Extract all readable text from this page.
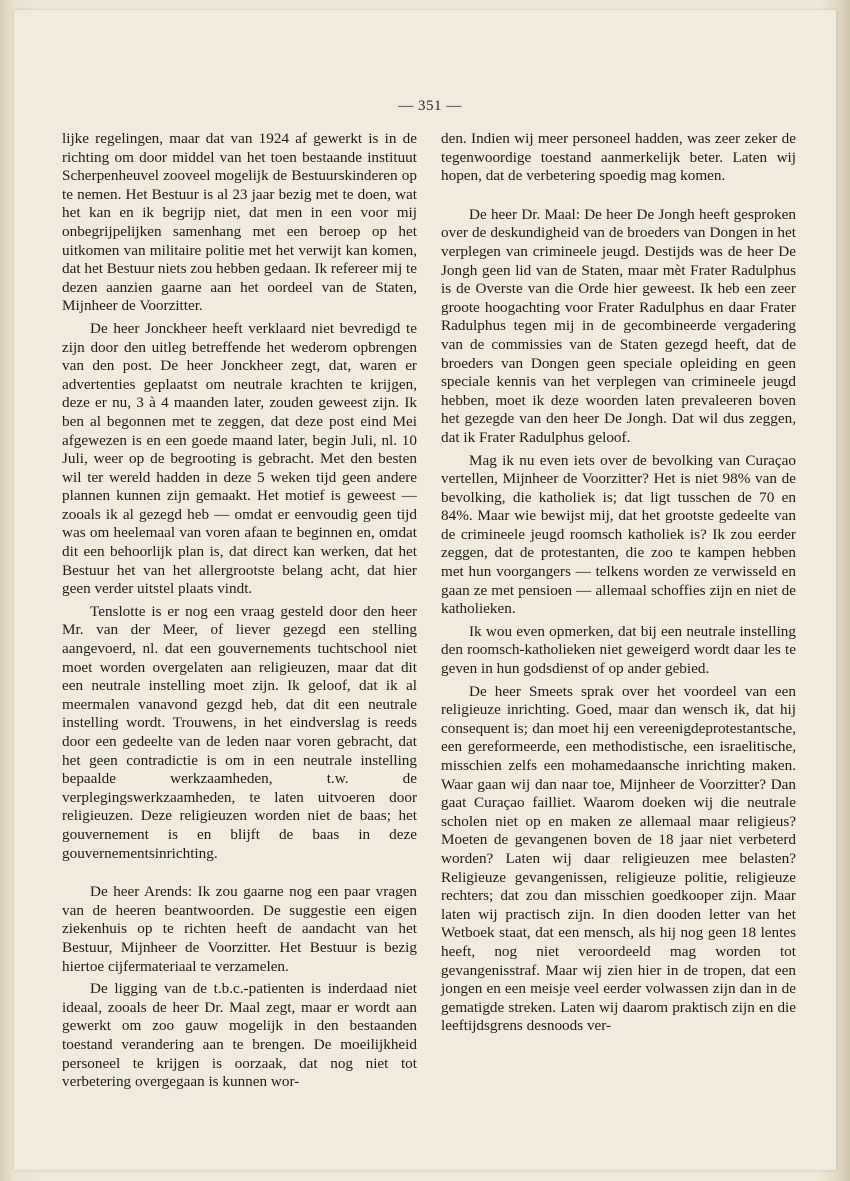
— 351 —

lijke regelingen, maar dat van 1924 af gewerkt is in de richting om door middel van het toen bestaande instituut Scherpenheuvel zooveel mogelijk de Bestuurskinderen op te nemen. Het Bestuur is al 23 jaar bezig met te doen, wat het kan en ik begrijp niet, dat men in een voor mij onbegrijpelijken samenhang met een beroep op het uitkomen van militaire politie met het verwijt kan komen, dat het Bestuur niets zou hebben gedaan. Ik refereer mij te dezen aanzien gaarne aan het oordeel van de Staten, Mijnheer de Voorzitter.

De heer Jonckheer heeft verklaard niet bevredigd te zijn door den uitleg betreffende het wederom opbrengen van den post. De heer Jonckheer zegt, dat, waren er advertenties geplaatst om neutrale krachten te krijgen, deze er nu, 3 à 4 maanden later, zouden geweest zijn. Ik ben al begonnen met te zeggen, dat deze post eind Mei afgewezen is en een goede maand later, begin Juli, nl. 10 Juli, weer op de begrooting is gebracht. Met den besten wil ter wereld hadden in deze 5 weken tijd geen andere plannen kunnen zijn gemaakt. Het motief is geweest — zooals ik al gezegd heb — omdat er eenvoudig geen tijd was om heelemaal van voren afaan te beginnen en, omdat dit een behoorlijk plan is, dat direct kan werken, dat het Bestuur het van het allergrootste belang acht, dat hier geen verder uitstel plaats vindt.

Tenslotte is er nog een vraag gesteld door den heer Mr. van der Meer, of liever gezegd een stelling aangevoerd, nl. dat een gouvernements tuchtschool niet moet worden overgelaten aan religieuzen, maar dat dit een neutrale instelling moet zijn. Ik geloof, dat ik al meermalen vanavond gezgd heb, dat dit een neutrale instelling wordt. Trouwens, in het eindverslag is reeds door een gedeelte van de leden naar voren gebracht, dat het geen contradictie is om in een neutrale instelling bepaalde werkzaamheden, t.w. de verplegingswerkzaamheden, te laten uitvoeren door religieuzen. Deze religieuzen worden niet de baas; het gouvernement is en blijft de baas in deze gouvernementsinrichting.

De heer Arends: Ik zou gaarne nog een paar vragen van de heeren beantwoorden. De suggestie een eigen ziekenhuis op te richten heeft de aandacht van het Bestuur, Mijnheer de Voorzitter. Het Bestuur is bezig hiertoe cijfermateriaal te verzamelen.

De ligging van de t.b.c.-patienten is inderdaad niet ideaal, zooals de heer Dr. Maal zegt, maar er wordt aan gewerkt om zoo gauw mogelijk in den bestaanden toestand verandering aan te brengen. De moeilijkheid personeel te krijgen is oorzaak, dat nog niet tot verbetering overgegaan is kunnen wor-

den. Indien wij meer personeel hadden, was zeer zeker de tegenwoordige toestand aanmerkelijk beter. Laten wij hopen, dat de verbetering spoedig mag komen.

De heer Dr. Maal: De heer De Jongh heeft gesproken over de deskundigheid van de broeders van Dongen in het verplegen van crimineele jeugd. Destijds was de heer De Jongh geen lid van de Staten, maar mèt Frater Radulphus is de Overste van die Orde hier geweest. Ik heb een zeer groote hoogachting voor Frater Radulphus en daar Frater Radulphus tegen mij in de gecombineerde vergadering van de commissies van de Staten gezegd heeft, dat de broeders van Dongen geen speciale opleiding en geen speciale kennis van het verplegen van crimineele jeugd hebben, moet ik deze woorden laten prevaleeren boven het gezegde van den heer De Jongh. Dat wil dus zeggen, dat ik Frater Radulphus geloof.

Mag ik nu even iets over de bevolking van Curaçao vertellen, Mijnheer de Voorzitter? Het is niet 98% van de bevolking, die katholiek is; dat ligt tusschen de 70 en 84%. Maar wie bewijst mij, dat het grootste gedeelte van de crimineele jeugd roomsch katholiek is? Ik zou eerder zeggen, dat de protestanten, die zoo te kampen hebben met hun voorgangers — telkens worden ze verwisseld en gaan ze met pensioen — allemaal schoffies zijn en niet de katholieken.

Ik wou even opmerken, dat bij een neutrale instelling den roomsch-katholieken niet geweigerd wordt daar les te geven in hun godsdienst of op ander gebied.

De heer Smeets sprak over het voordeel van een religieuze inrichting. Goed, maar dan wensch ik, dat hij consequent is; dan moet hij een vereenigdeprotestantsche, een gereformeerde, een methodistische, een israelitische, misschien zelfs een mohamedaansche inrichting maken. Waar gaan wij dan naar toe, Mijnheer de Voorzitter? Dan gaat Curaçao failliet. Waarom doeken wij die neutrale scholen niet op en maken ze allemaal maar religieus? Moeten de gevangenen boven de 18 jaar niet verbeterd worden? Laten wij daar religieuzen mee belasten? Religieuze gevangenissen, religieuze politie, religieuze rechters; dat zou dan misschien goedkooper zijn. Maar laten wij practisch zijn. In dien dooden letter van het Wetboek staat, dat een mensch, als hij nog geen 18 lentes heeft, nog niet veroordeeld mag worden tot gevangenisstraf. Maar wij zien hier in de tropen, dat een jongen en een meisje veel eerder volwassen zijn dan in de gematigde streken. Laten wij daarom praktisch zijn en die leeftijdsgrens desnoods ver-
